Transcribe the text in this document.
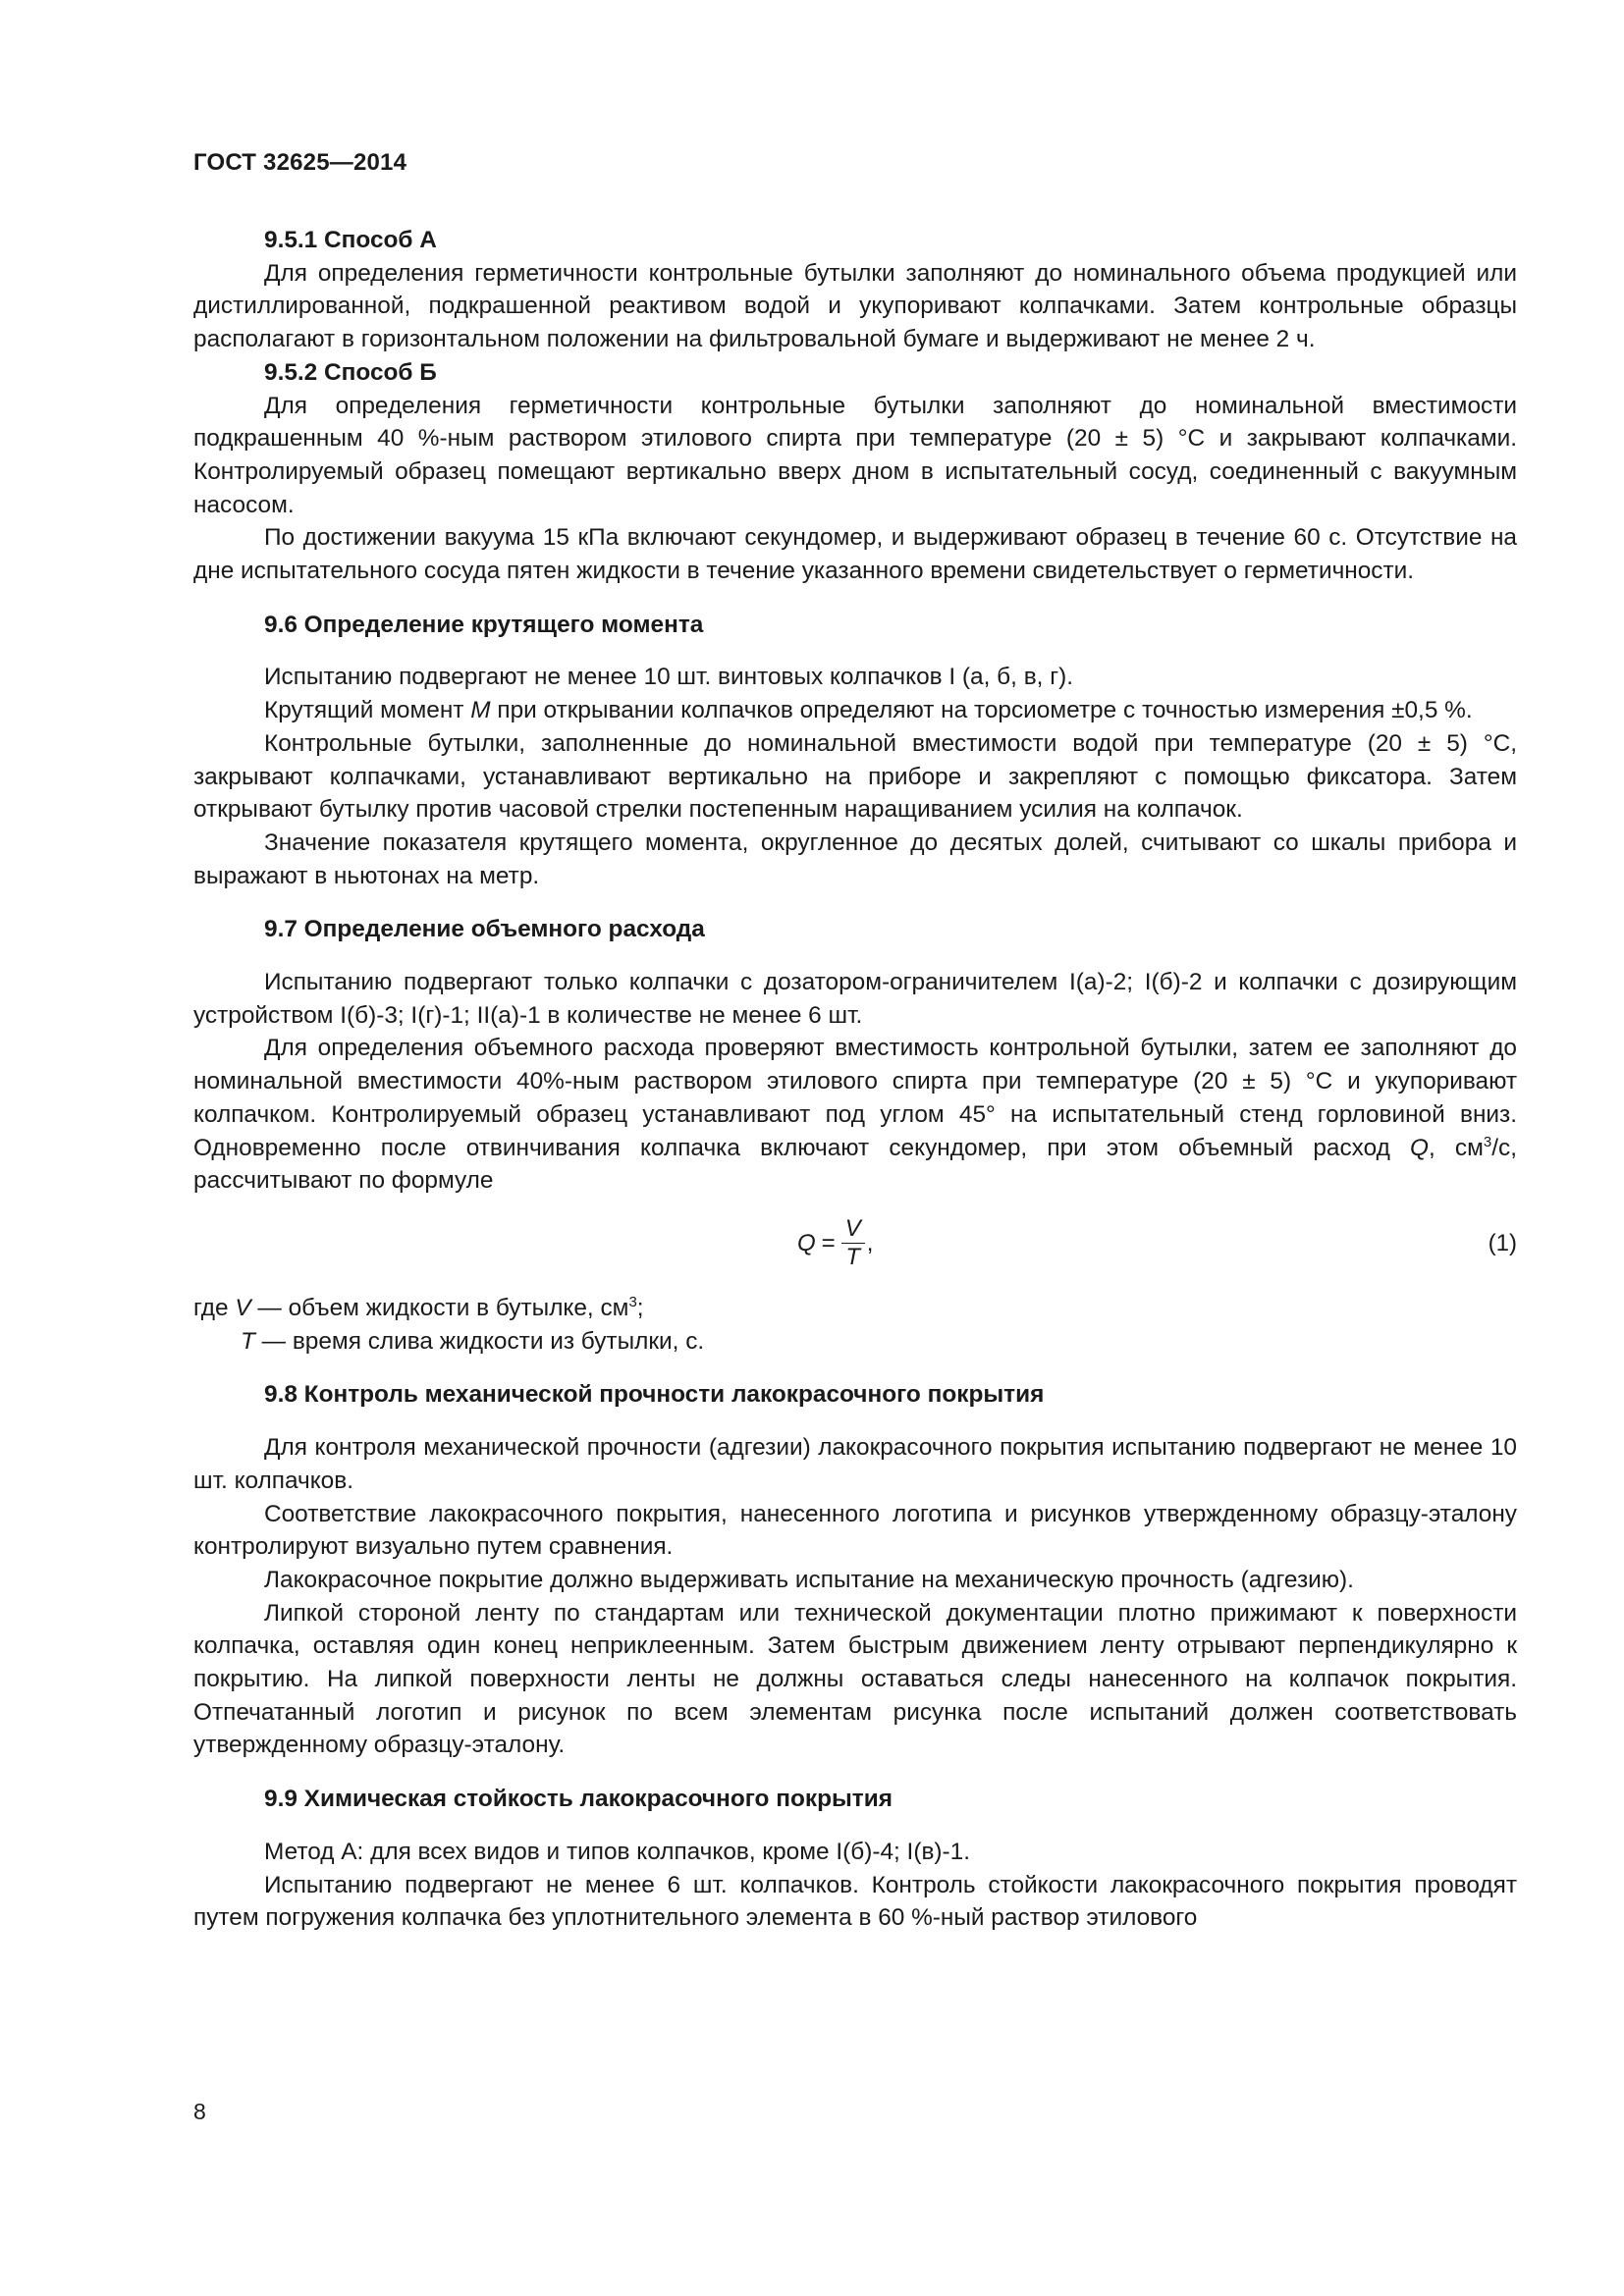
ГОСТ 32625—2014

9.5.1 Способ А

Для определения герметичности контрольные бутылки заполняют до номинального объема продукцией или дистиллированной, подкрашенной реактивом водой и укупоривают колпачками. Затем контрольные образцы располагают в горизонтальном положении на фильтровальной бумаге и выдерживают не менее 2 ч.

9.5.2 Способ Б

Для определения герметичности контрольные бутылки заполняют до номинальной вместимости подкрашенным 40 %-ным раствором этилового спирта при температуре (20 ± 5) °С и закрывают колпачками. Контролируемый образец помещают вертикально вверх дном в испытательный сосуд, соединенный с вакуумным насосом.

По достижении вакуума 15 кПа включают секундомер, и выдерживают образец в течение 60 с. Отсутствие на дне испытательного сосуда пятен жидкости в течение указанного времени свидетельствует о герметичности.

9.6 Определение крутящего момента

Испытанию подвергают не менее 10 шт. винтовых колпачков I (а, б, в, г).

Крутящий момент М при открывании колпачков определяют на торсиометре с точностью измерения ±0,5 %.

Контрольные бутылки, заполненные до номинальной вместимости водой при температуре (20 ± 5) °С, закрывают колпачками, устанавливают вертикально на приборе и закрепляют с помощью фиксатора. Затем открывают бутылку против часовой стрелки постепенным наращиванием усилия на колпачок.

Значение показателя крутящего момента, округленное до десятых долей, считывают со шкалы прибора и выражают в ньютонах на метр.

9.7 Определение объемного расхода

Испытанию подвергают только колпачки с дозатором-ограничителем I(а)-2; I(б)-2 и колпачки с дозирующим устройством I(б)-3; I(г)-1; II(а)-1 в количестве не менее 6 шт.

Для определения объемного расхода проверяют вместимость контрольной бутылки, затем ее заполняют до номинальной вместимости 40%-ным раствором этилового спирта при температуре (20 ± 5) °С и укупоривают колпачком. Контролируемый образец устанавливают под углом 45° на испытательный стенд горловиной вниз. Одновременно после отвинчивания колпачка включают секундомер, при этом объемный расход Q, $см^3/с$, рассчитывают по формуле

$Q = \frac{V}{T}$ ,	(1)

где V — объем жидкости в бутылке, $см^3$;

Т — время слива жидкости из бутылки, с.

9.8 Контроль механической прочности лакокрасочного покрытия

Для контроля механической прочности (адгезии) лакокрасочного покрытия испытанию подвергают не менее 10 шт. колпачков.

Соответствие лакокрасочного покрытия, нанесенного логотипа и рисунков утвержденному образцу-эталону контролируют визуально путем сравнения.

Лакокрасочное покрытие должно выдерживать испытание на механическую прочность (адгезию).

Липкой стороной ленту по стандартам или технической документации плотно прижимают к поверхности колпачка, оставляя один конец неприклеенным. Затем быстрым движением ленту отрывают перпендикулярно к покрытию. На липкой поверхности ленты не должны оставаться следы нанесенного на колпачок покрытия. Отпечатанный логотип и рисунок по всем элементам рисунка после испытаний должен соответствовать утвержденному образцу-эталону.

9.9 Химическая стойкость лакокрасочного покрытия

Метод А: для всех видов и типов колпачков, кроме I(б)-4; I(в)-1.

Испытанию подвергают не менее 6 шт. колпачков. Контроль стойкости лакокрасочного покрытия проводят путем погружения колпачка без уплотнительного элемента в 60 %-ный раствор этилового

8
